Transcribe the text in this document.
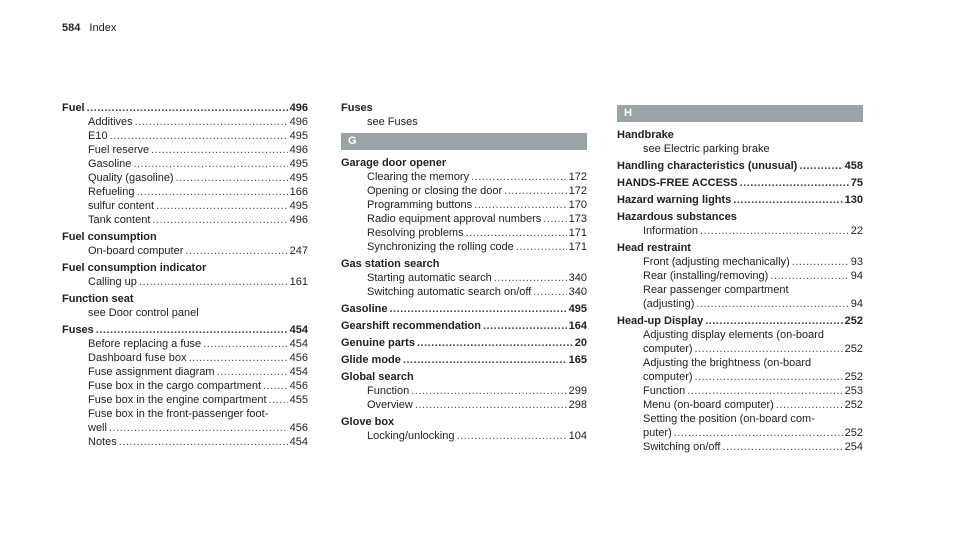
584 Index
Fuel .....	496
Additives .....	496
E10 .....	495
Fuel reserve .....	496
Gasoline .....	495
Quality (gasoline) .....	495
Refueling .....	166
sulfur content .....	495
Tank content .....	496
Fuel consumption
On-board computer .....	247
Fuel consumption indicator
Calling up .....	161
Function seat
see Door control panel
Fuses .....	454
Before replacing a fuse .....	454
Dashboard fuse box .....	456
Fuse assignment diagram .....	454
Fuse box in the cargo compartment .....	456
Fuse box in the engine compartment ..... 455
Fuse box in the front-passenger foot-
well .....	456
Notes .....	454
Fuses
see Fuses
G
Garage door opener
Clearing the memory .....	172
Opening or closing the door .....	172
Programming buttons .....	170
Radio equipment approval numbers ..... 173
Resolving problems .....	171
Synchronizing the rolling code .....	171
Gas station search
Starting automatic search .....	340
Switching automatic search on/off .....	340
Gasoline .....	495
Gearshift recommendation .....	164
Genuine parts .....	20
Glide mode .....	165
Global search
Function .....	299
Overview .....	298
Glove box
Locking/unlocking .....	104
H
Handbrake
see Electric parking brake
Handling characteristics (unusual) .....	458
HANDS-FREE ACCESS .....	75
Hazard warning lights .....	130
Hazardous substances
Information .....	22
Head restraint
Front (adjusting mechanically) .....	93
Rear (installing/removing) .....	94
Rear passenger compartment
(adjusting) .....	94
Head-up Display .....	252
Adjusting display elements (on-board
computer) .....	252
Adjusting the brightness (on-board
computer) .....	252
Function .....	253
Menu (on-board computer) .....	252
Setting the position (on-board com-
puter) .....	252
Switching on/off .....	254
